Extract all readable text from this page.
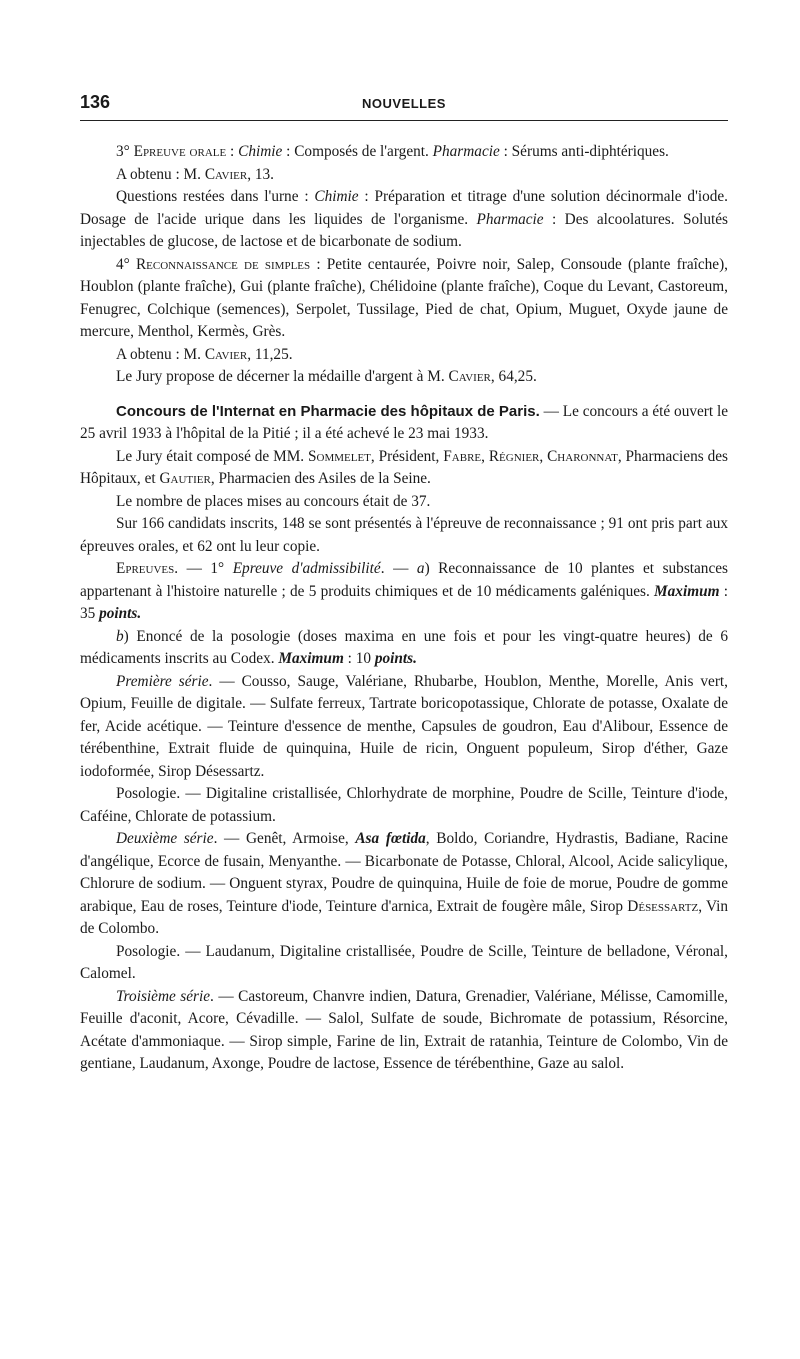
136	NOUVELLES

3° Epreuve orale : Chimie : Composés de l'argent. Pharmacie : Sérums anti-diphtériques.

A obtenu : M. Cavier, 13.

Questions restées dans l'urne : Chimie : Préparation et titrage d'une solution décinormale d'iode. Dosage de l'acide urique dans les liquides de l'organisme. Pharmacie : Des alcoolatures. Solutés injectables de glucose, de lactose et de bicarbonate de sodium.

4° Reconnaissance de simples : Petite centaurée, Poivre noir, Salep, Consoude (plante fraîche), Houblon (plante fraîche), Gui (plante fraîche), Chélidoine (plante fraîche), Coque du Levant, Castoreum, Fenugrec, Colchique (semences), Serpolet, Tussilage, Pied de chat, Opium, Muguet, Oxyde jaune de mercure, Menthol, Kermès, Grès.

A obtenu : M. Cavier, 11,25.

Le Jury propose de décerner la médaille d'argent à M. Cavier, 64,25.

Concours de l'Internat en Pharmacie des hôpitaux de Paris. — Le concours a été ouvert le 25 avril 1933 à l'hôpital de la Pitié ; il a été achevé le 23 mai 1933.

Le Jury était composé de MM. Sommelet, Président, Fabre, Régnier, Charonnat, Pharmaciens des Hôpitaux, et Gautier, Pharmacien des Asiles de la Seine.

Le nombre de places mises au concours était de 37.

Sur 166 candidats inscrits, 148 se sont présentés à l'épreuve de reconnaissance ; 91 ont pris part aux épreuves orales, et 62 ont lu leur copie.

Epreuves. — 1° Epreuve d'admissibilité. — a) Reconnaissance de 10 plantes et substances appartenant à l'histoire naturelle ; de 5 produits chimiques et de 10 médicaments galéniques. Maximum : 35 points.

b) Enoncé de la posologie (doses maxima en une fois et pour les vingt-quatre heures) de 6 médicaments inscrits au Codex. Maximum : 10 points.

Première série. — Cousso, Sauge, Valériane, Rhubarbe, Houblon, Menthe, Morelle, Anis vert, Opium, Feuille de digitale. — Sulfate ferreux, Tartrate boricopotassique, Chlorate de potasse, Oxalate de fer, Acide acétique. — Teinture d'essence de menthe, Capsules de goudron, Eau d'Alibour, Essence de térébenthine, Extrait fluide de quinquina, Huile de ricin, Onguent populeum, Sirop d'éther, Gaze iodoformée, Sirop Désessartz.

Posologie. — Digitaline cristallisée, Chlorhydrate de morphine, Poudre de Scille, Teinture d'iode, Caféine, Chlorate de potassium.

Deuxième série. — Genêt, Armoise, Asa fœtida, Boldo, Coriandre, Hydrastis, Badiane, Racine d'angélique, Ecorce de fusain, Menyanthe. — Bicarbonate de Potasse, Chloral, Alcool, Acide salicylique, Chlorure de sodium. — Onguent styrax, Poudre de quinquina, Huile de foie de morue, Poudre de gomme arabique, Eau de roses, Teinture d'iode, Teinture d'arnica, Extrait de fougère mâle, Sirop Désessartz, Vin de Colombo.

Posologie. — Laudanum, Digitaline cristallisée, Poudre de Scille, Teinture de belladone, Véronal, Calomel.

Troisième série. — Castoreum, Chanvre indien, Datura, Grenadier, Valériane, Mélisse, Camomille, Feuille d'aconit, Acore, Cévadille. — Salol, Sulfate de soude, Bichromate de potassium, Résorcine, Acétate d'ammoniaque. — Sirop simple, Farine de lin, Extrait de ratanhia, Teinture de Colombo, Vin de gentiane, Laudanum, Axonge, Poudre de lactose, Essence de térébenthine, Gaze au salol.
